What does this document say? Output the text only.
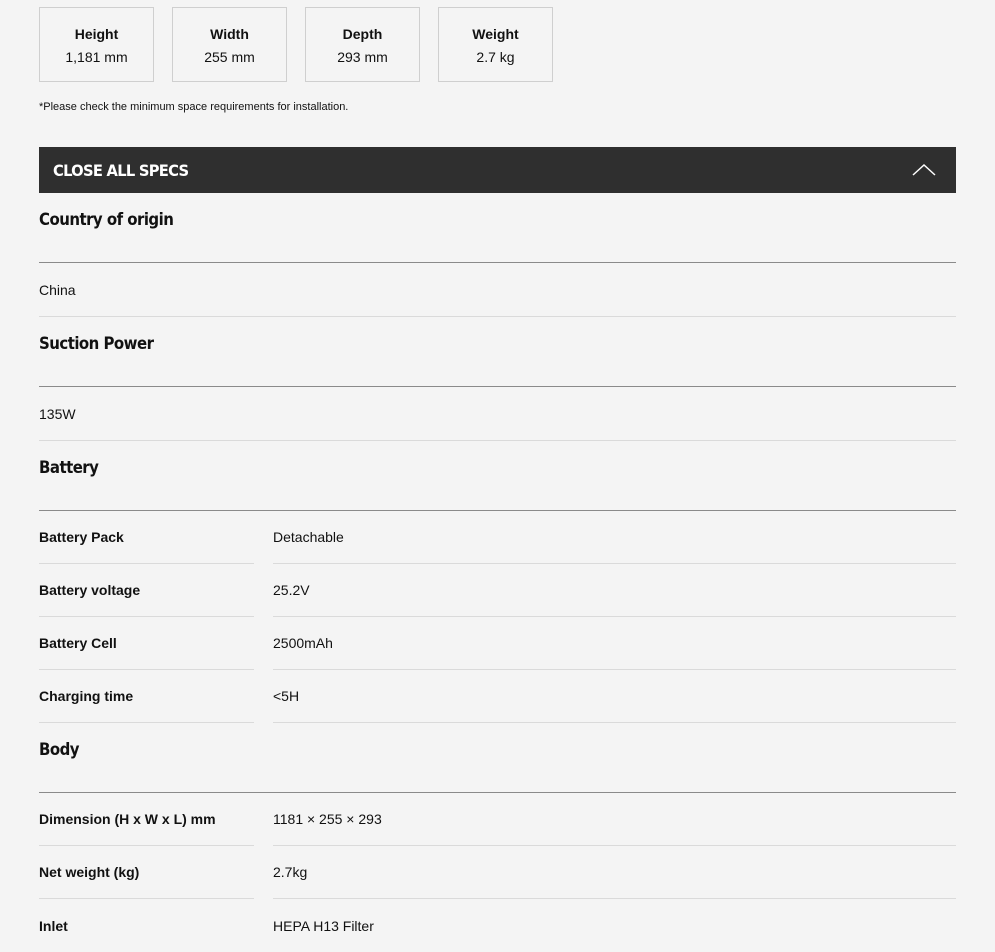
Height
1,181 mm
Width
255 mm
Depth
293 mm
Weight
2.7 kg
*Please check the minimum space requirements for installation.
CLOSE ALL SPECS
Country of origin
China
Suction Power
135W
Battery
Battery Pack	Detachable
Battery voltage	25.2V
Battery Cell	2500mAh
Charging time	<5H
Body
Dimension (H x W x L) mm	1181 × 255 × 293
Net weight (kg)	2.7kg
Inlet	HEPA H13 Filter
